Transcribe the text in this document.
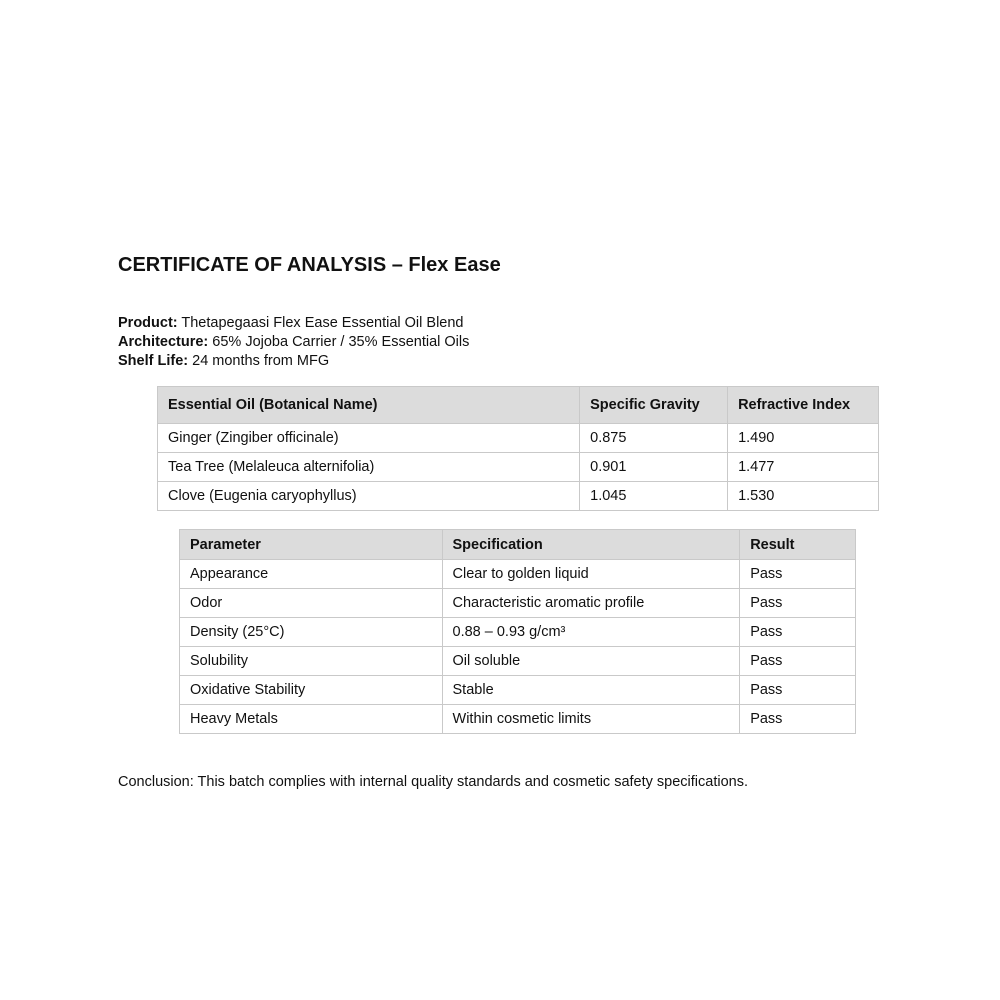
CERTIFICATE OF ANALYSIS – Flex Ease
Product: Thetapegaasi Flex Ease Essential Oil Blend
Architecture: 65% Jojoba Carrier / 35% Essential Oils
Shelf Life: 24 months from MFG
Essential Oil (Botanical Name)	Specific Gravity	Refractive Index
Ginger (Zingiber officinale)	0.875	1.490
Tea Tree (Melaleuca alternifolia)	0.901	1.477
Clove (Eugenia caryophyllus)	1.045	1.530
Parameter	Specification	Result
Appearance	Clear to golden liquid	Pass
Odor	Characteristic aromatic profile	Pass
Density (25°C)	0.88 – 0.93 g/cm³	Pass
Solubility	Oil soluble	Pass
Oxidative Stability	Stable	Pass
Heavy Metals	Within cosmetic limits	Pass

Conclusion: This batch complies with internal quality standards and cosmetic safety specifications.
